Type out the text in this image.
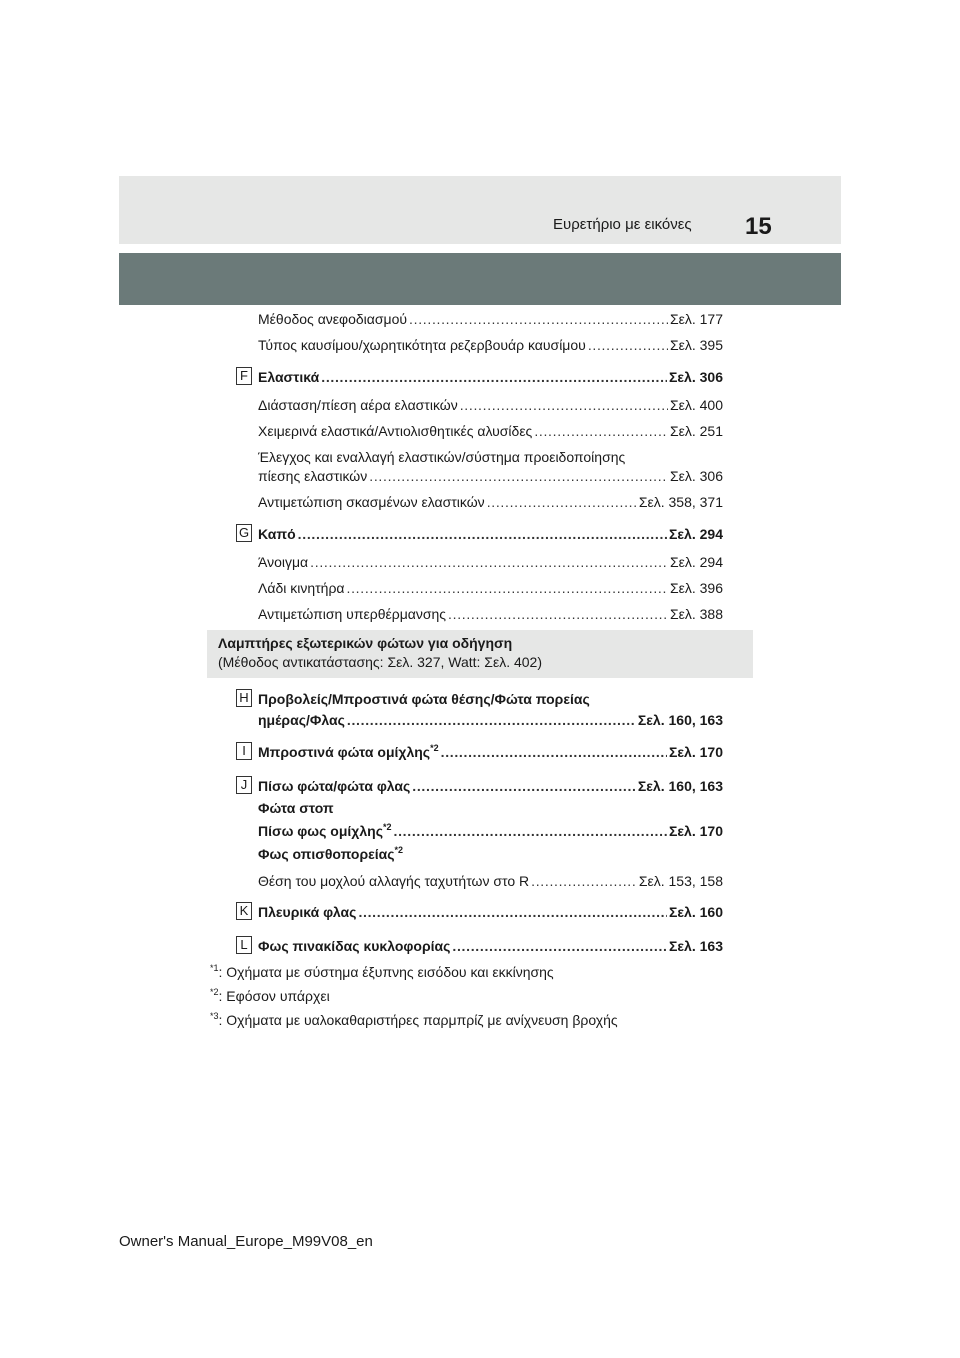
Ευρετήριο με εικόνες 15
Μέθοδος ανεφοδιασμού . . .	Σελ. 177
Τύπος καυσίμου/χωρητικότητα ρεζερβουάρ καυσίμου . . .	Σελ. 395
F Ελαστικά . . .	Σελ. 306
Διάσταση/πίεση αέρα ελαστικών . . .	Σελ. 400
Χειμερινά ελαστικά/Αντιολισθητικές αλυσίδες . . .	Σελ. 251
Έλεγχος και εναλλαγή ελαστικών/σύστημα προειδοποίησης
πίεσης ελαστικών . . .	Σελ. 306
Αντιμετώπιση σκασμένων ελαστικών . . .	Σελ. 358, 371
G Καπό . . .	Σελ. 294
Άνοιγμα . . .	Σελ. 294
Λάδι κινητήρα . . .	Σελ. 396
Αντιμετώπιση υπερθέρμανσης . . .	Σελ. 388
Λαμπτήρες εξωτερικών φώτων για οδήγηση
(Μέθοδος αντικατάστασης: Σελ. 327, Watt: Σελ. 402)
H Προβολείς/Μπροστινά φώτα θέσης/Φώτα πορείας
ημέρας/Φλας . . .	Σελ. 160, 163
I Μπροστινά φώτα ομίχλης$^{*2}$ . . .	Σελ. 170
J Πίσω φώτα/φώτα φλας . . .	Σελ. 160, 163
Φώτα στοπ
Πίσω φως ομίχλης$^{*2}$ . . .	Σελ. 170
Φως οπισθοπορείας$^{*2}$
Θέση του μοχλού αλλαγής ταχυτήτων στο R . . .	Σελ. 153, 158
K Πλευρικά φλας . . .	Σελ. 160
L Φως πινακίδας κυκλοφορίας . . .	Σελ. 163
$^{*1}$: Οχήματα με σύστημα έξυπνης εισόδου και εκκίνησης
$^{*2}$: Εφόσον υπάρχει
$^{*3}$: Οχήματα με υαλοκαθαριστήρες παρμπρίζ με ανίχνευση βροχής
Owner's Manual_Europe_M99V08_en
